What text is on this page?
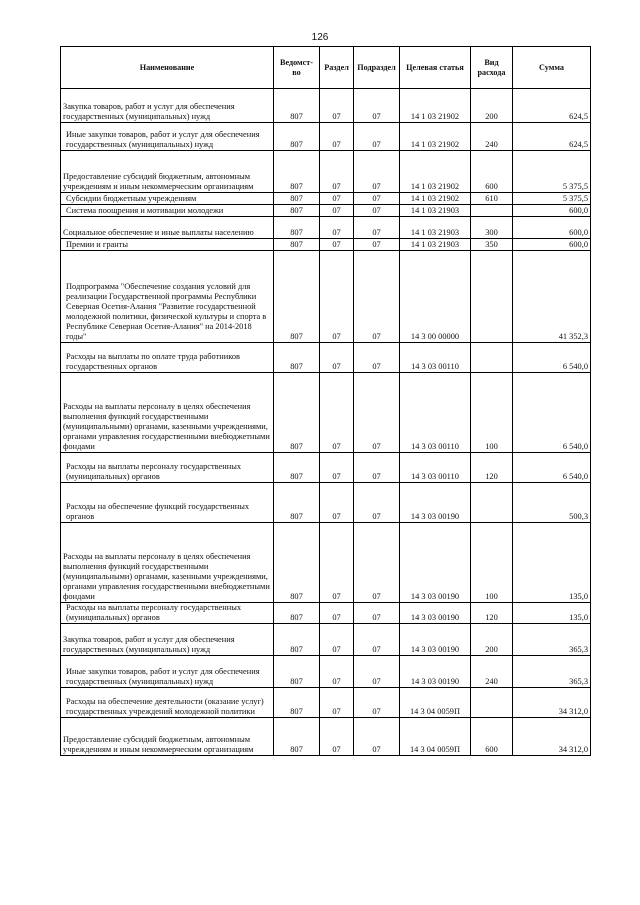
126
Наименование	Ведомст-во	Раздел	Подраздел	Целевая статья	Вид расхода	Сумма
Закупка товаров, работ и услуг для обеспечения государственных (муниципальных) нужд	807	07	07	14 1 03 21902	200	624,5
Иные закупки товаров, работ и услуг для обеспечения государственных (муниципальных) нужд	807	07	07	14 1 03 21902	240	624,5
Предоставление субсидий бюджетным, автономным учреждениям и иным некоммерческим организациям	807	07	07	14 1 03 21902	600	5 375,5
Субсидии бюджетным учреждениям	807	07	07	14 1 03 21902	610	5 375,5
Система поощрения и мотивации молодежи	807	07	07	14 1 03 21903		600,0
Социальное обеспечение и иные выплаты населению	807	07	07	14 1 03 21903	300	600,0
Премии и гранты	807	07	07	14 1 03 21903	350	600,0
Подпрограмма "Обеспечение создания условий для реализации Государственной программы Республики Северная Осетия-Алания "Развитие государственной молодежной политики, физической культуры и спорта в Республике Северная Осетия-Алания" на 2014-2018 годы"	807	07	07	14 3 00 00000		41 352,3
Расходы на выплаты по оплате труда работников государственных органов	807	07	07	14 3 03 00110		6 540,0
Расходы на выплаты персоналу в целях обеспечения выполнения функций государственными (муниципальными) органами, казенными учреждениями, органами управления государственными внебюджетными фондами	807	07	07	14 3 03 00110	100	6 540,0
Расходы на выплаты персоналу государственных (муниципальных) органов	807	07	07	14 3 03 00110	120	6 540,0
Расходы на обеспечение функций государственных органов	807	07	07	14 3 03 00190		500,3
Расходы на выплаты персоналу в целях обеспечения выполнения функций государственными (муниципальными) органами, казенными учреждениями, органами управления государственными внебюджетными фондами	807	07	07	14 3 03 00190	100	135,0
Расходы на выплаты персоналу государственных (муниципальных) органов	807	07	07	14 3 03 00190	120	135,0
Закупка товаров, работ и услуг для обеспечения государственных (муниципальных) нужд	807	07	07	14 3 03 00190	200	365,3
Иные закупки товаров, работ и услуг для обеспечения государственных (муниципальных) нужд	807	07	07	14 3 03 00190	240	365,3
Расходы на обеспечение деятельности (оказание услуг) государственных учреждений молодежной политики	807	07	07	14 3 04 0059П		34 312,0
Предоставление субсидий бюджетным, автономным учреждениям и иным некоммерческим организациям	807	07	07	14 3 04 0059П	600	34 312,0
